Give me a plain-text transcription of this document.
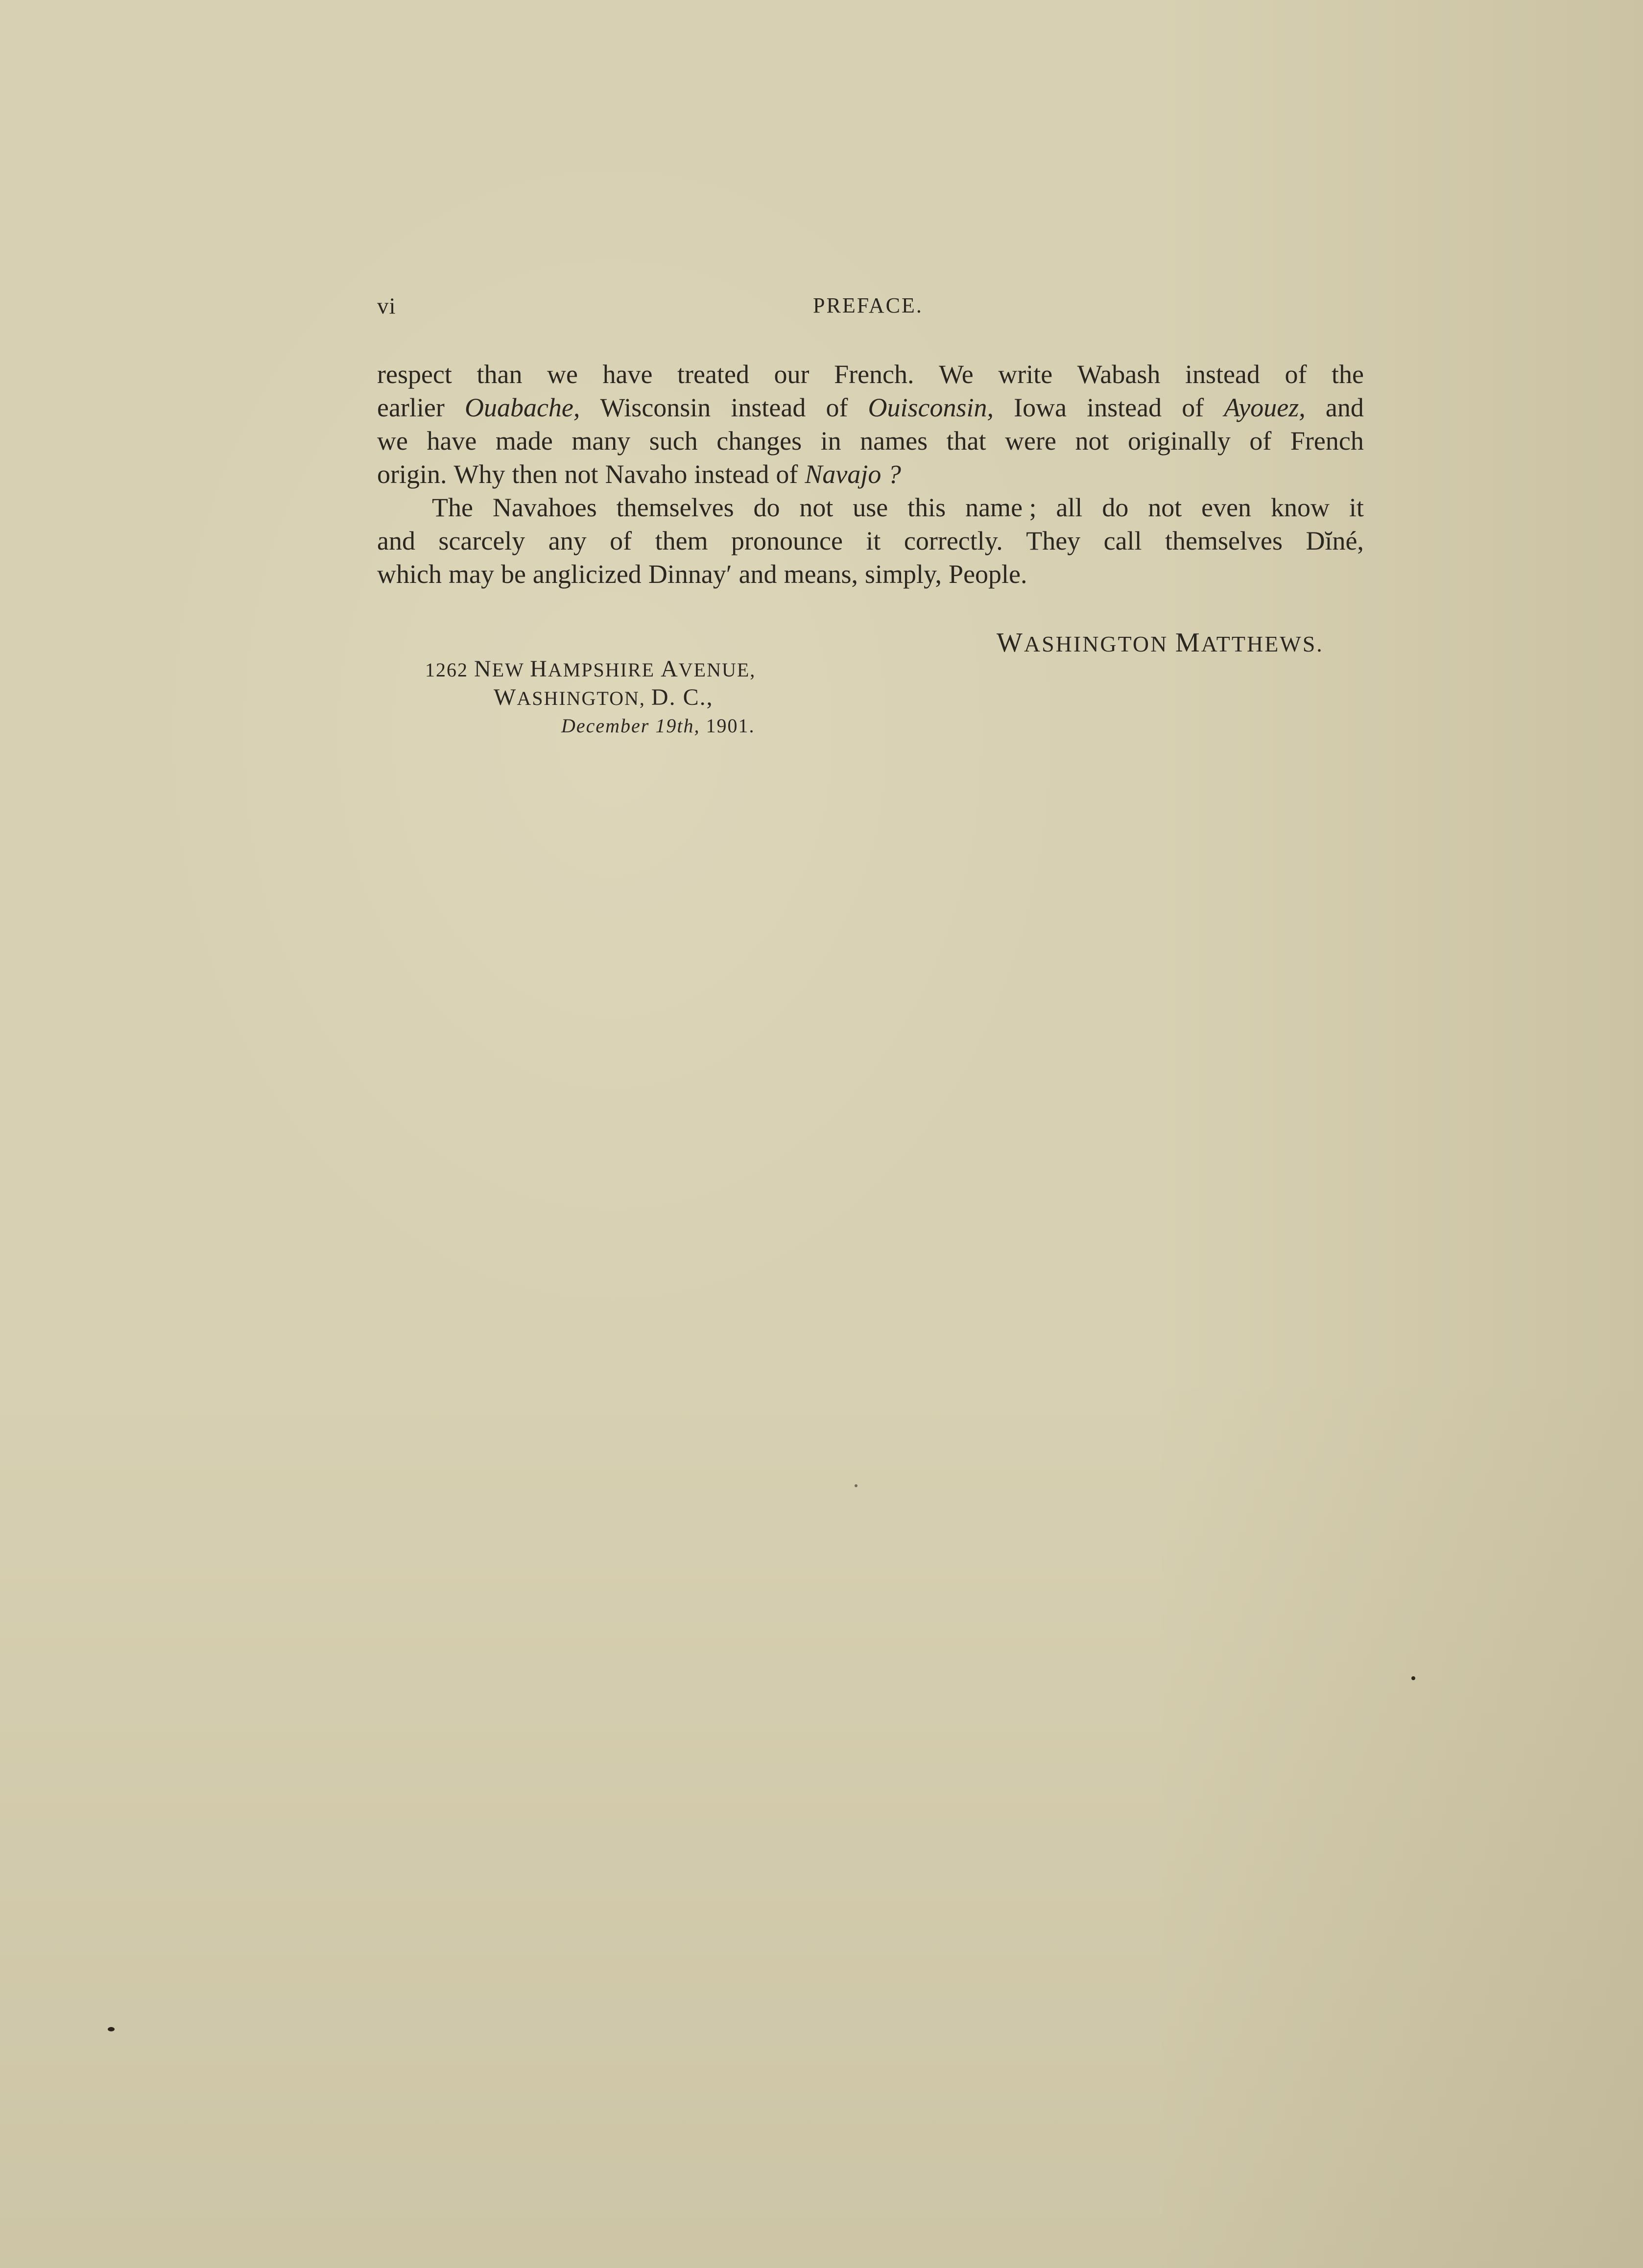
vi	PREFACE.
respect than we have treated our French. We write Wabash instead of the
earlier Ouabache, Wisconsin instead of Ouisconsin, Iowa instead of Ayouez, and
we have made many such changes in names that were not originally of French
origin. Why then not Navaho instead of Navajo ?
The Navahoes themselves do not use this name ; all do not even know it
and scarcely any of them pronounce it correctly. They call themselves Dĭné,
which may be anglicized Dinnay′ and means, simply, People.
WASHINGTON MATTHEWS.
1262 NEW HAMPSHIRE AVENUE,
WASHINGTON, D. C.,
December 19th, 1901.
